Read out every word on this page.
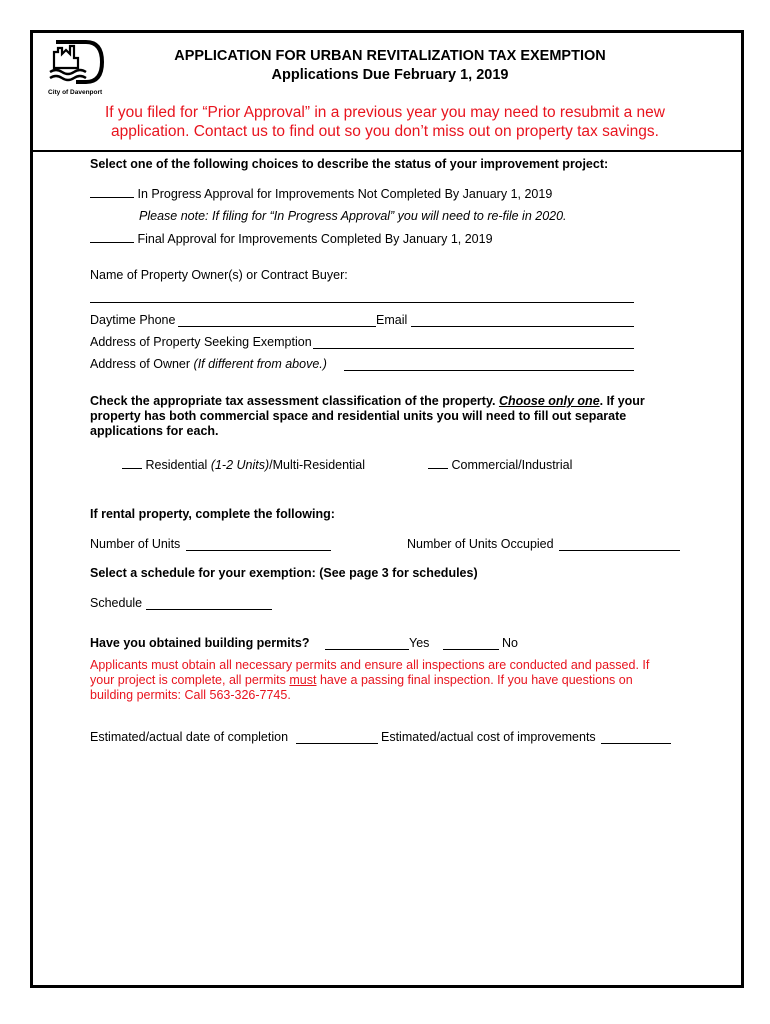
City of Davenport
APPLICATION FOR URBAN REVITALIZATION TAX EXEMPTION
Applications Due February 1, 2019
If you filed for “Prior Approval” in a previous year you may need to resubmit a new application. Contact us to find out so you don’t miss out on property tax savings.
Select one of the following choices to describe the status of your improvement project:
In Progress Approval for Improvements Not Completed By January 1, 2019
Please note: If filing for “In Progress Approval” you will need to re-file in 2020.
Final Approval for Improvements Completed By January 1, 2019
Name of Property Owner(s) or Contract Buyer:
Daytime Phone	Email
Address of Property Seeking Exemption
Address of Owner (If different from above.)
Check the appropriate tax assessment classification of the property. Choose only one. If your property has both commercial space and residential units you will need to fill out separate applications for each.
Residential (1-2 Units)/Multi-Residential	Commercial/Industrial
If rental property, complete the following:
Number of Units	Number of Units Occupied
Select a schedule for your exemption: (See page 3 for schedules)
Schedule
Have you obtained building permits?	Yes	No
Applicants must obtain all necessary permits and ensure all inspections are conducted and passed. If your project is complete, all permits must have a passing final inspection. If you have questions on building permits: Call 563-326-7745.
Estimated/actual date of completion	Estimated/actual cost of improvements
